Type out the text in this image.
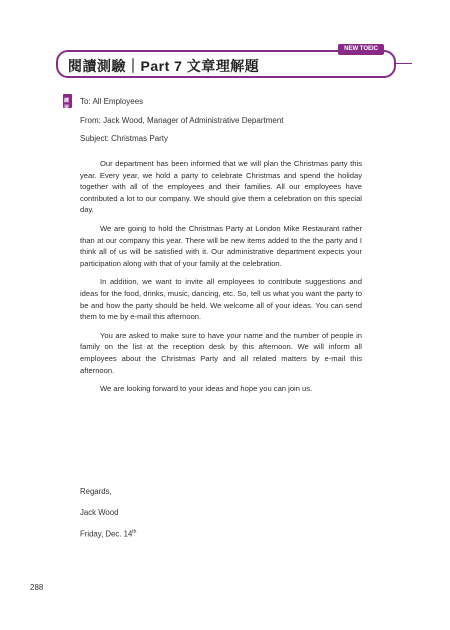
閱讀測驗｜Part 7 文章理解題
NEW TOEIC
練習
To: All Employees
From: Jack Wood, Manager of Administrative Department
Subject: Christmas Party

Our department has been informed that we will plan the Christmas party this year. Every year, we hold a party to celebrate Christmas and spend the holiday together with all of the employees and their families. All our employees have contributed a lot to our company. We should give them a celebration on this special day.

We are going to hold the Christmas Party at London Mike Restaurant rather than at our company this year. There will be new items added to the the party and I think all of us will be satisfied with it. Our administrative department expects your participation along with that of your family at the celebration.

In addition, we want to invite all employees to contribute suggestions and ideas for the food, drinks, music, dancing, etc. So, tell us what you want the party to be and how the party should be held. We welcome all of your ideas. You can send them to me by e-mail this afternoon.

You are asked to make sure to have your name and the number of people in family on the list at the reception desk by this afternoon. We will inform all employees about the Christmas Party and all related matters by e-mail this afternoon.

We are looking forward to your ideas and hope you can join us.

Regards,
Jack Wood
Friday, Dec. 14th
288
